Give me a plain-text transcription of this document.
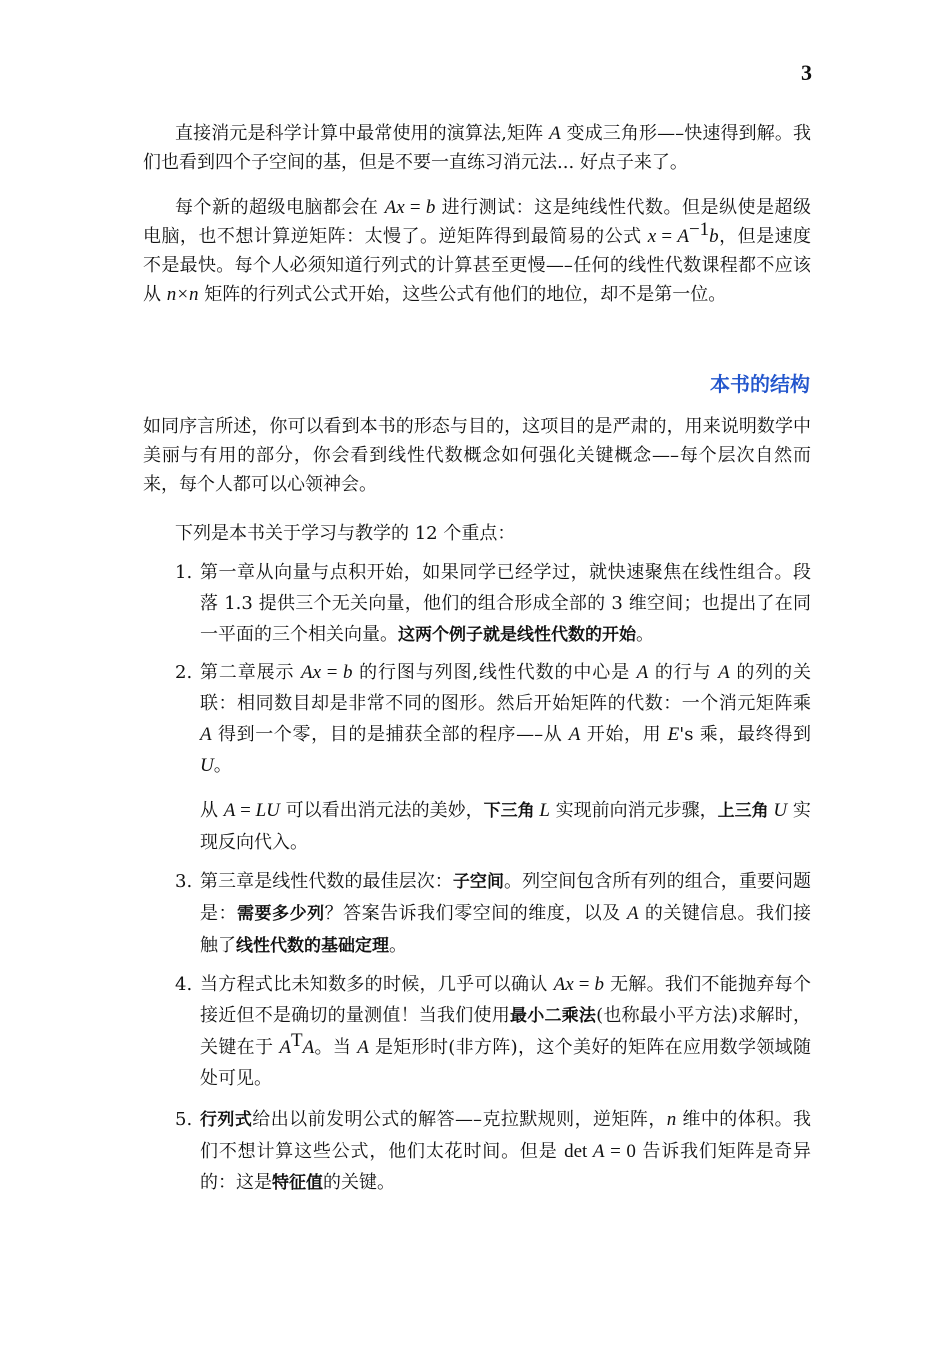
3

直接消元是科学计算中最常使用的演算法,矩阵 A 变成三角形—–快速得到解。我们也看到四个子空间的基，但是不要一直练习消元法... 好点子来了。

每个新的超级电脑都会在 Ax = b 进行测试：这是纯线性代数。但是纵使是超级电脑，也不想计算逆矩阵：太慢了。逆矩阵得到最简易的公式 $x = A^{-1}b$，但是速度不是最快。每个人必须知道行列式的计算甚至更慢—–任何的线性代数课程都不应该从 n×n 矩阵的行列式公式开始，这些公式有他们的地位，却不是第一位。

本书的结构

如同序言所述，你可以看到本书的形态与目的，这项目的是严肃的，用来说明数学中美丽与有用的部分，你会看到线性代数概念如何强化关键概念—–每个层次自然而来，每个人都可以心领神会。

下列是本书关于学习与教学的 12 个重点：

1. 第一章从向量与点积开始，如果同学已经学过，就快速聚焦在线性组合。段落 1.3 提供三个无关向量，他们的组合形成全部的 3 维空间；也提出了在同一平面的三个相关向量。这两个例子就是线性代数的开始。
2. 第二章展示 Ax = b 的行图与列图,线性代数的中心是 A 的行与 A 的列的关联：相同数目却是非常不同的图形。然后开始矩阵的代数：一个消元矩阵乘 A 得到一个零，目的是捕获全部的程序—–从 A 开始，用 E's 乘，最终得到 U。
从 A = LU 可以看出消元法的美妙，下三角 L 实现前向消元步骤，上三角 U 实现反向代入。
3. 第三章是线性代数的最佳层次：子空间。列空间包含所有列的组合，重要问题是：需要多少列？答案告诉我们零空间的维度，以及 A 的关键信息。我们接触了线性代数的基础定理。
4. 当方程式比未知数多的时候，几乎可以确认 Ax = b 无解。我们不能抛弃每个接近但不是确切的量测值！当我们使用最小二乘法(也称最小平方法)求解时，关键在于 $A^TA$。当 A 是矩形时(非方阵)，这个美好的矩阵在应用数学领域随处可见。
5. 行列式给出以前发明公式的解答—–克拉默规则，逆矩阵，n 维中的体积。我们不想计算这些公式，他们太花时间。但是 det A = 0 告诉我们矩阵是奇异的：这是特征值的关键。
